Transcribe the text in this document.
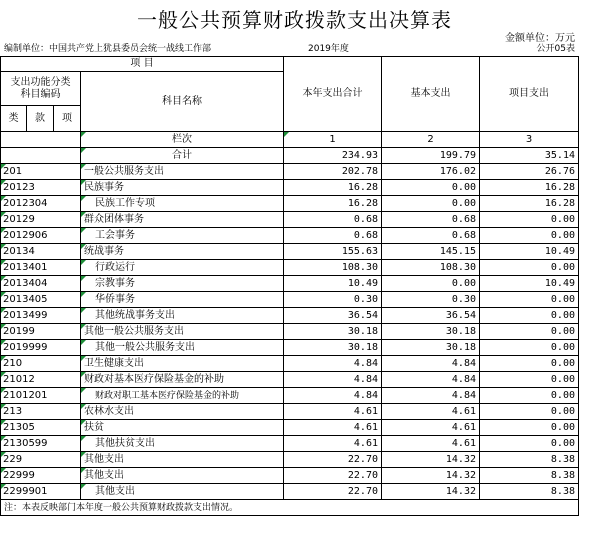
一般公共预算财政拨款支出决算表
金额单位：万元
编制单位：中国共产党上犹县委员会统一战线工作部	2019年度	公开05表
项 目				本年支出合计	基本支出	项目支出
支出功能分类
科目编码			科目名称			
类	款	项				
			栏次	1	2	3
			合计	234.93	199.79	35.14
201			一般公共服务支出	202.78	176.02	26.76
20123			民族事务	16.28	0.00	16.28
2012304			民族工作专项	16.28	0.00	16.28
20129			群众团体事务	0.68	0.68	0.00
2012906			工会事务	0.68	0.68	0.00
20134			统战事务	155.63	145.15	10.49
2013401			行政运行	108.30	108.30	0.00
2013404			宗教事务	10.49	0.00	10.49
2013405			华侨事务	0.30	0.30	0.00
2013499			其他统战事务支出	36.54	36.54	0.00
20199			其他一般公共服务支出	30.18	30.18	0.00
2019999			其他一般公共服务支出	30.18	30.18	0.00
210			卫生健康支出	4.84	4.84	0.00
21012			财政对基本医疗保险基金的补助	4.84	4.84	0.00
2101201			财政对职工基本医疗保险基金的补助	4.84	4.84	0.00
213			农林水支出	4.61	4.61	0.00
21305			扶贫	4.61	4.61	0.00
2130599			其他扶贫支出	4.61	4.61	0.00
229			其他支出	22.70	14.32	8.38
22999			其他支出	22.70	14.32	8.38
2299901			其他支出	22.70	14.32	8.38
注：本表反映部门本年度一般公共预算财政拨款支出情况。						
